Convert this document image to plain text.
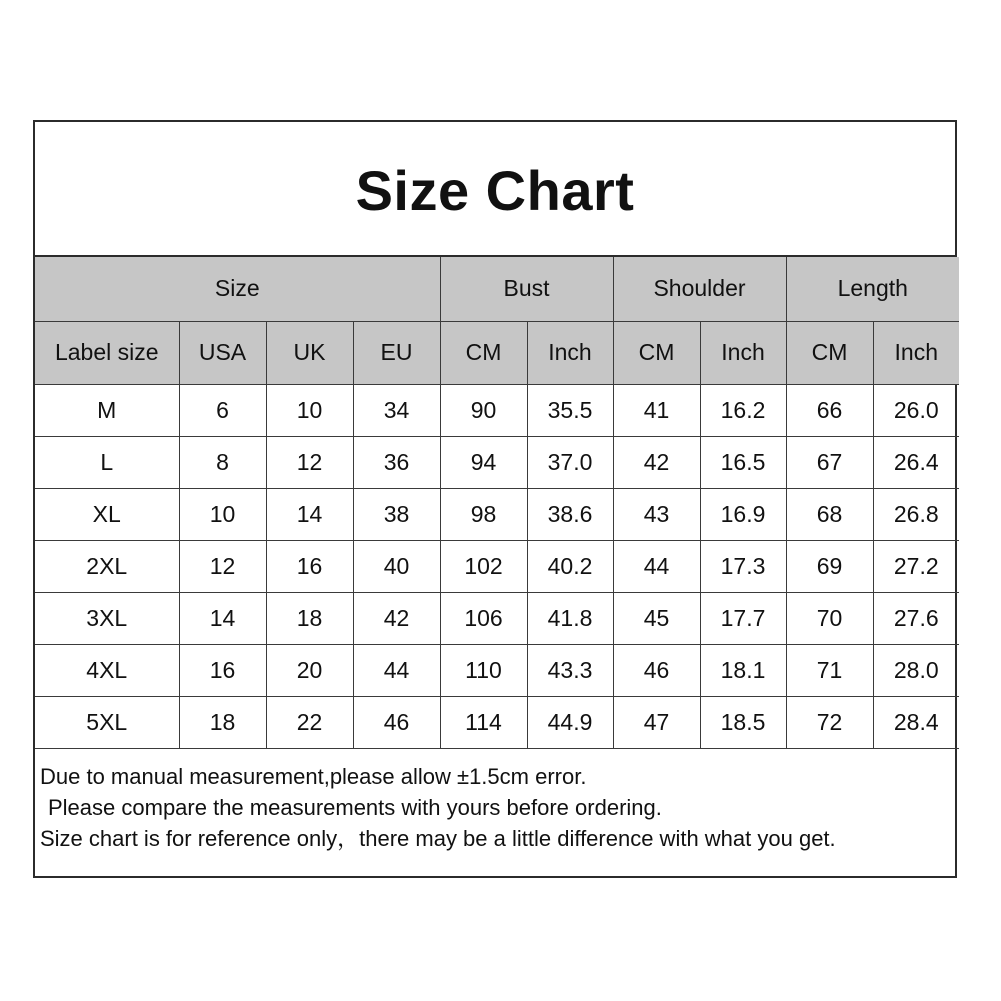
Size Chart
Size				Bust		Shoulder		Length	
Label size	USA	UK	EU	CM	Inch	CM	Inch	CM	Inch
M	6	10	34	90	35.5	41	16.2	66	26.0
L	8	12	36	94	37.0	42	16.5	67	26.4
XL	10	14	38	98	38.6	43	16.9	68	26.8
2XL	12	16	40	102	40.2	44	17.3	69	27.2
3XL	14	18	42	106	41.8	45	17.7	70	27.6
4XL	16	20	44	110	43.3	46	18.1	71	28.0
5XL	18	22	46	114	44.9	47	18.5	72	28.4
Due to manual measurement,please allow ±1.5cm error.
Please compare the measurements with yours before ordering.
Size chart is for reference only，there may be a little difference with what you get.
